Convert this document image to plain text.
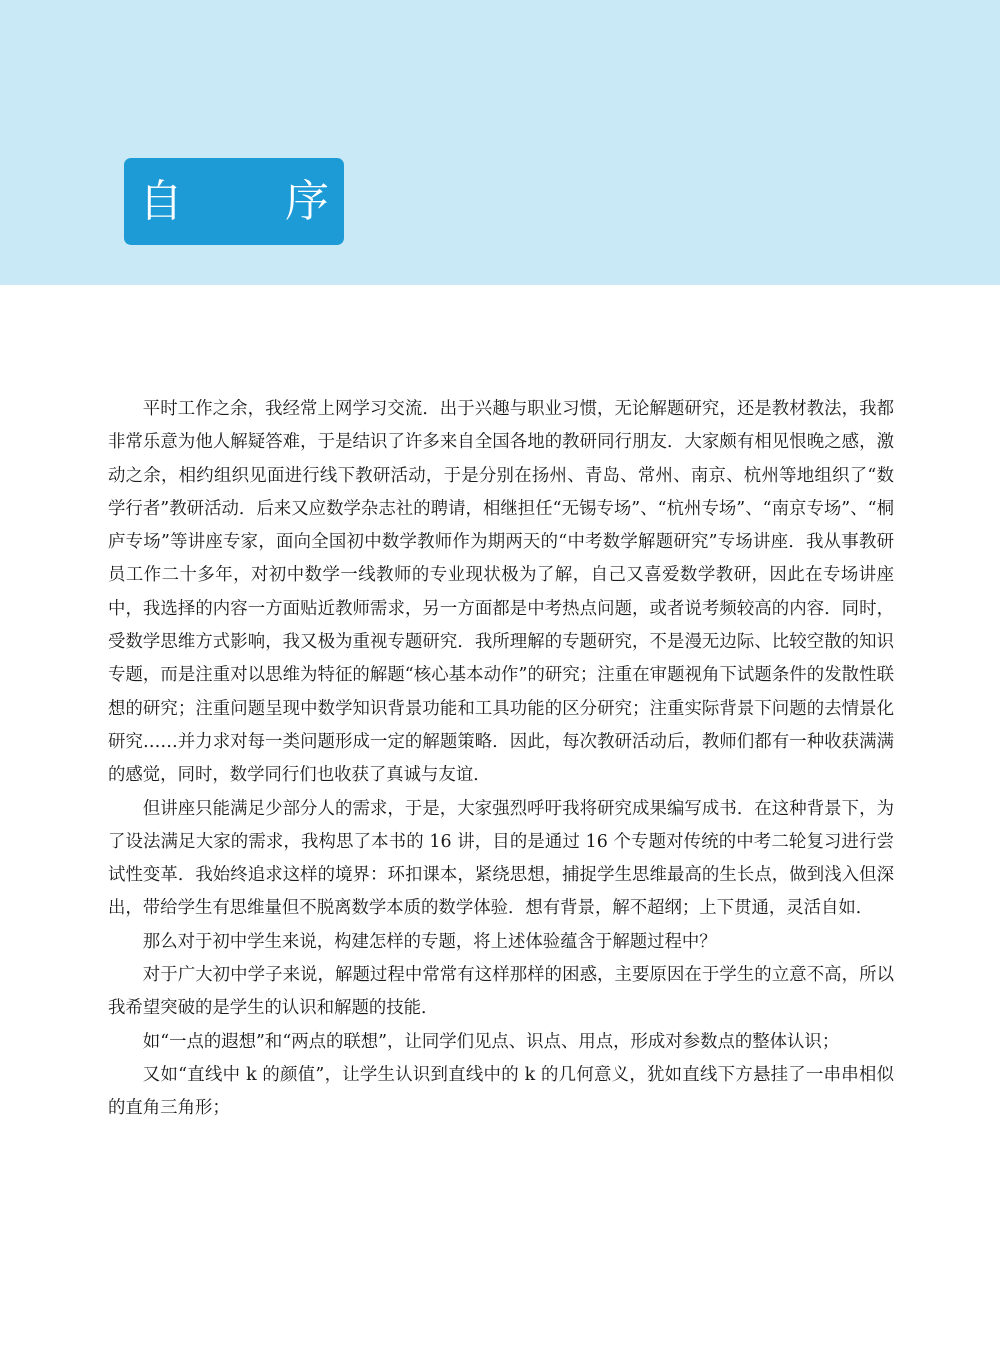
自 序

平时工作之余，我经常上网学习交流．出于兴趣与职业习惯，无论解题研究，还是教材教法，我都非常乐意为他人解疑答难，于是结识了许多来自全国各地的教研同行朋友．大家颇有相见恨晚之感，激动之余，相约组织见面进行线下教研活动，于是分别在扬州、青岛、常州、南京、杭州等地组织了“数学行者”教研活动．后来又应数学杂志社的聘请，相继担任“无锡专场”、“杭州专场”、“南京专场”、“桐庐专场”等讲座专家，面向全国初中数学教师作为期两天的“中考数学解题研究”专场讲座．我从事教研员工作二十多年，对初中数学一线教师的专业现状极为了解，自己又喜爱数学教研，因此在专场讲座中，我选择的内容一方面贴近教师需求，另一方面都是中考热点问题，或者说考频较高的内容．同时，受数学思维方式影响，我又极为重视专题研究．我所理解的专题研究，不是漫无边际、比较空散的知识专题，而是注重对以思维为特征的解题“核心基本动作”的研究；注重在审题视角下试题条件的发散性联想的研究；注重问题呈现中数学知识背景功能和工具功能的区分研究；注重实际背景下问题的去情景化研究……并力求对每一类问题形成一定的解题策略．因此，每次教研活动后，教师们都有一种收获满满的感觉，同时，数学同行们也收获了真诚与友谊．

但讲座只能满足少部分人的需求，于是，大家强烈呼吁我将研究成果编写成书．在这种背景下，为了设法满足大家的需求，我构思了本书的 16 讲，目的是通过 16 个专题对传统的中考二轮复习进行尝试性变革．我始终追求这样的境界：环扣课本，紧绕思想，捕捉学生思维最高的生长点，做到浅入但深出，带给学生有思维量但不脱离数学本质的数学体验．想有背景，解不超纲；上下贯通，灵活自如．

那么对于初中学生来说，构建怎样的专题，将上述体验蕴含于解题过程中？

对于广大初中学子来说，解题过程中常常有这样那样的困惑，主要原因在于学生的立意不高，所以我希望突破的是学生的认识和解题的技能．

如“一点的遐想”和“两点的联想”，让同学们见点、识点、用点，形成对参数点的整体认识；

又如“直线中 k 的颜值”，让学生认识到直线中的 k 的几何意义，犹如直线下方悬挂了一串串相似的直角三角形；
